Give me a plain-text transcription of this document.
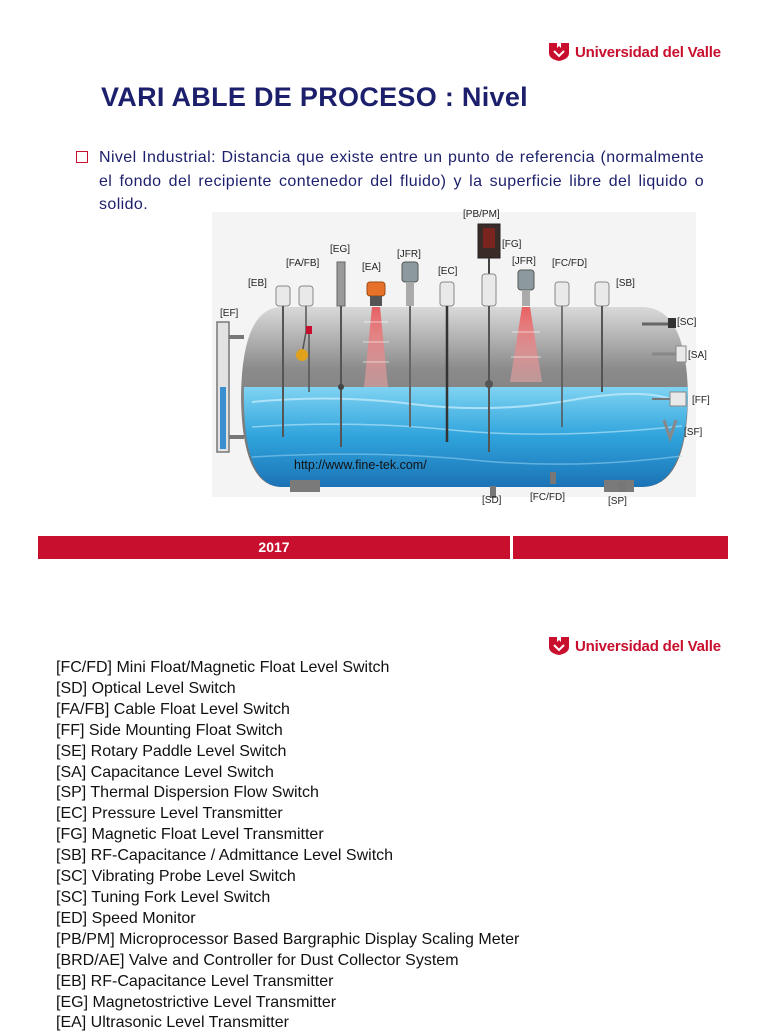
Universidad del Valle
VARI ABLE DE PROCESO : Nivel
Nivel Industrial: Distancia que existe entre un punto de referencia (normalmente el fondo del recipiente contenedor del fluido) y la superficie libre del liquido o solido.
[EF]
[EB]
[FA/FB]
[EG]
[EA]
[JFR]
[EC]
[PB/PM]
[FG]
[JFR] [FC/FD]
[SB]
[SC]
[SA]
[FF]
[SF]
[SD]	[FC/FD]	[SP]
http://www.fine-tek.com/
2017
Universidad del Valle
[FC/FD] Mini Float/Magnetic Float Level Switch
[SD] Optical Level Switch
[FA/FB] Cable Float Level Switch
[FF] Side Mounting Float Switch
[SE] Rotary Paddle Level Switch
[SA] Capacitance Level Switch
[SP] Thermal Dispersion Flow Switch
[EC] Pressure Level Transmitter
[FG] Magnetic Float Level Transmitter
[SB] RF-Capacitance / Admittance Level Switch
[SC] Vibrating Probe Level Switch
[SC] Tuning Fork Level Switch
[ED] Speed Monitor
[PB/PM] Microprocessor Based Bargraphic Display Scaling Meter
[BRD/AE] Valve and Controller for Dust Collector System
[EB] RF-Capacitance Level Transmitter
[EG] Magnetostrictive Level Transmitter
[EA] Ultrasonic Level Transmitter
